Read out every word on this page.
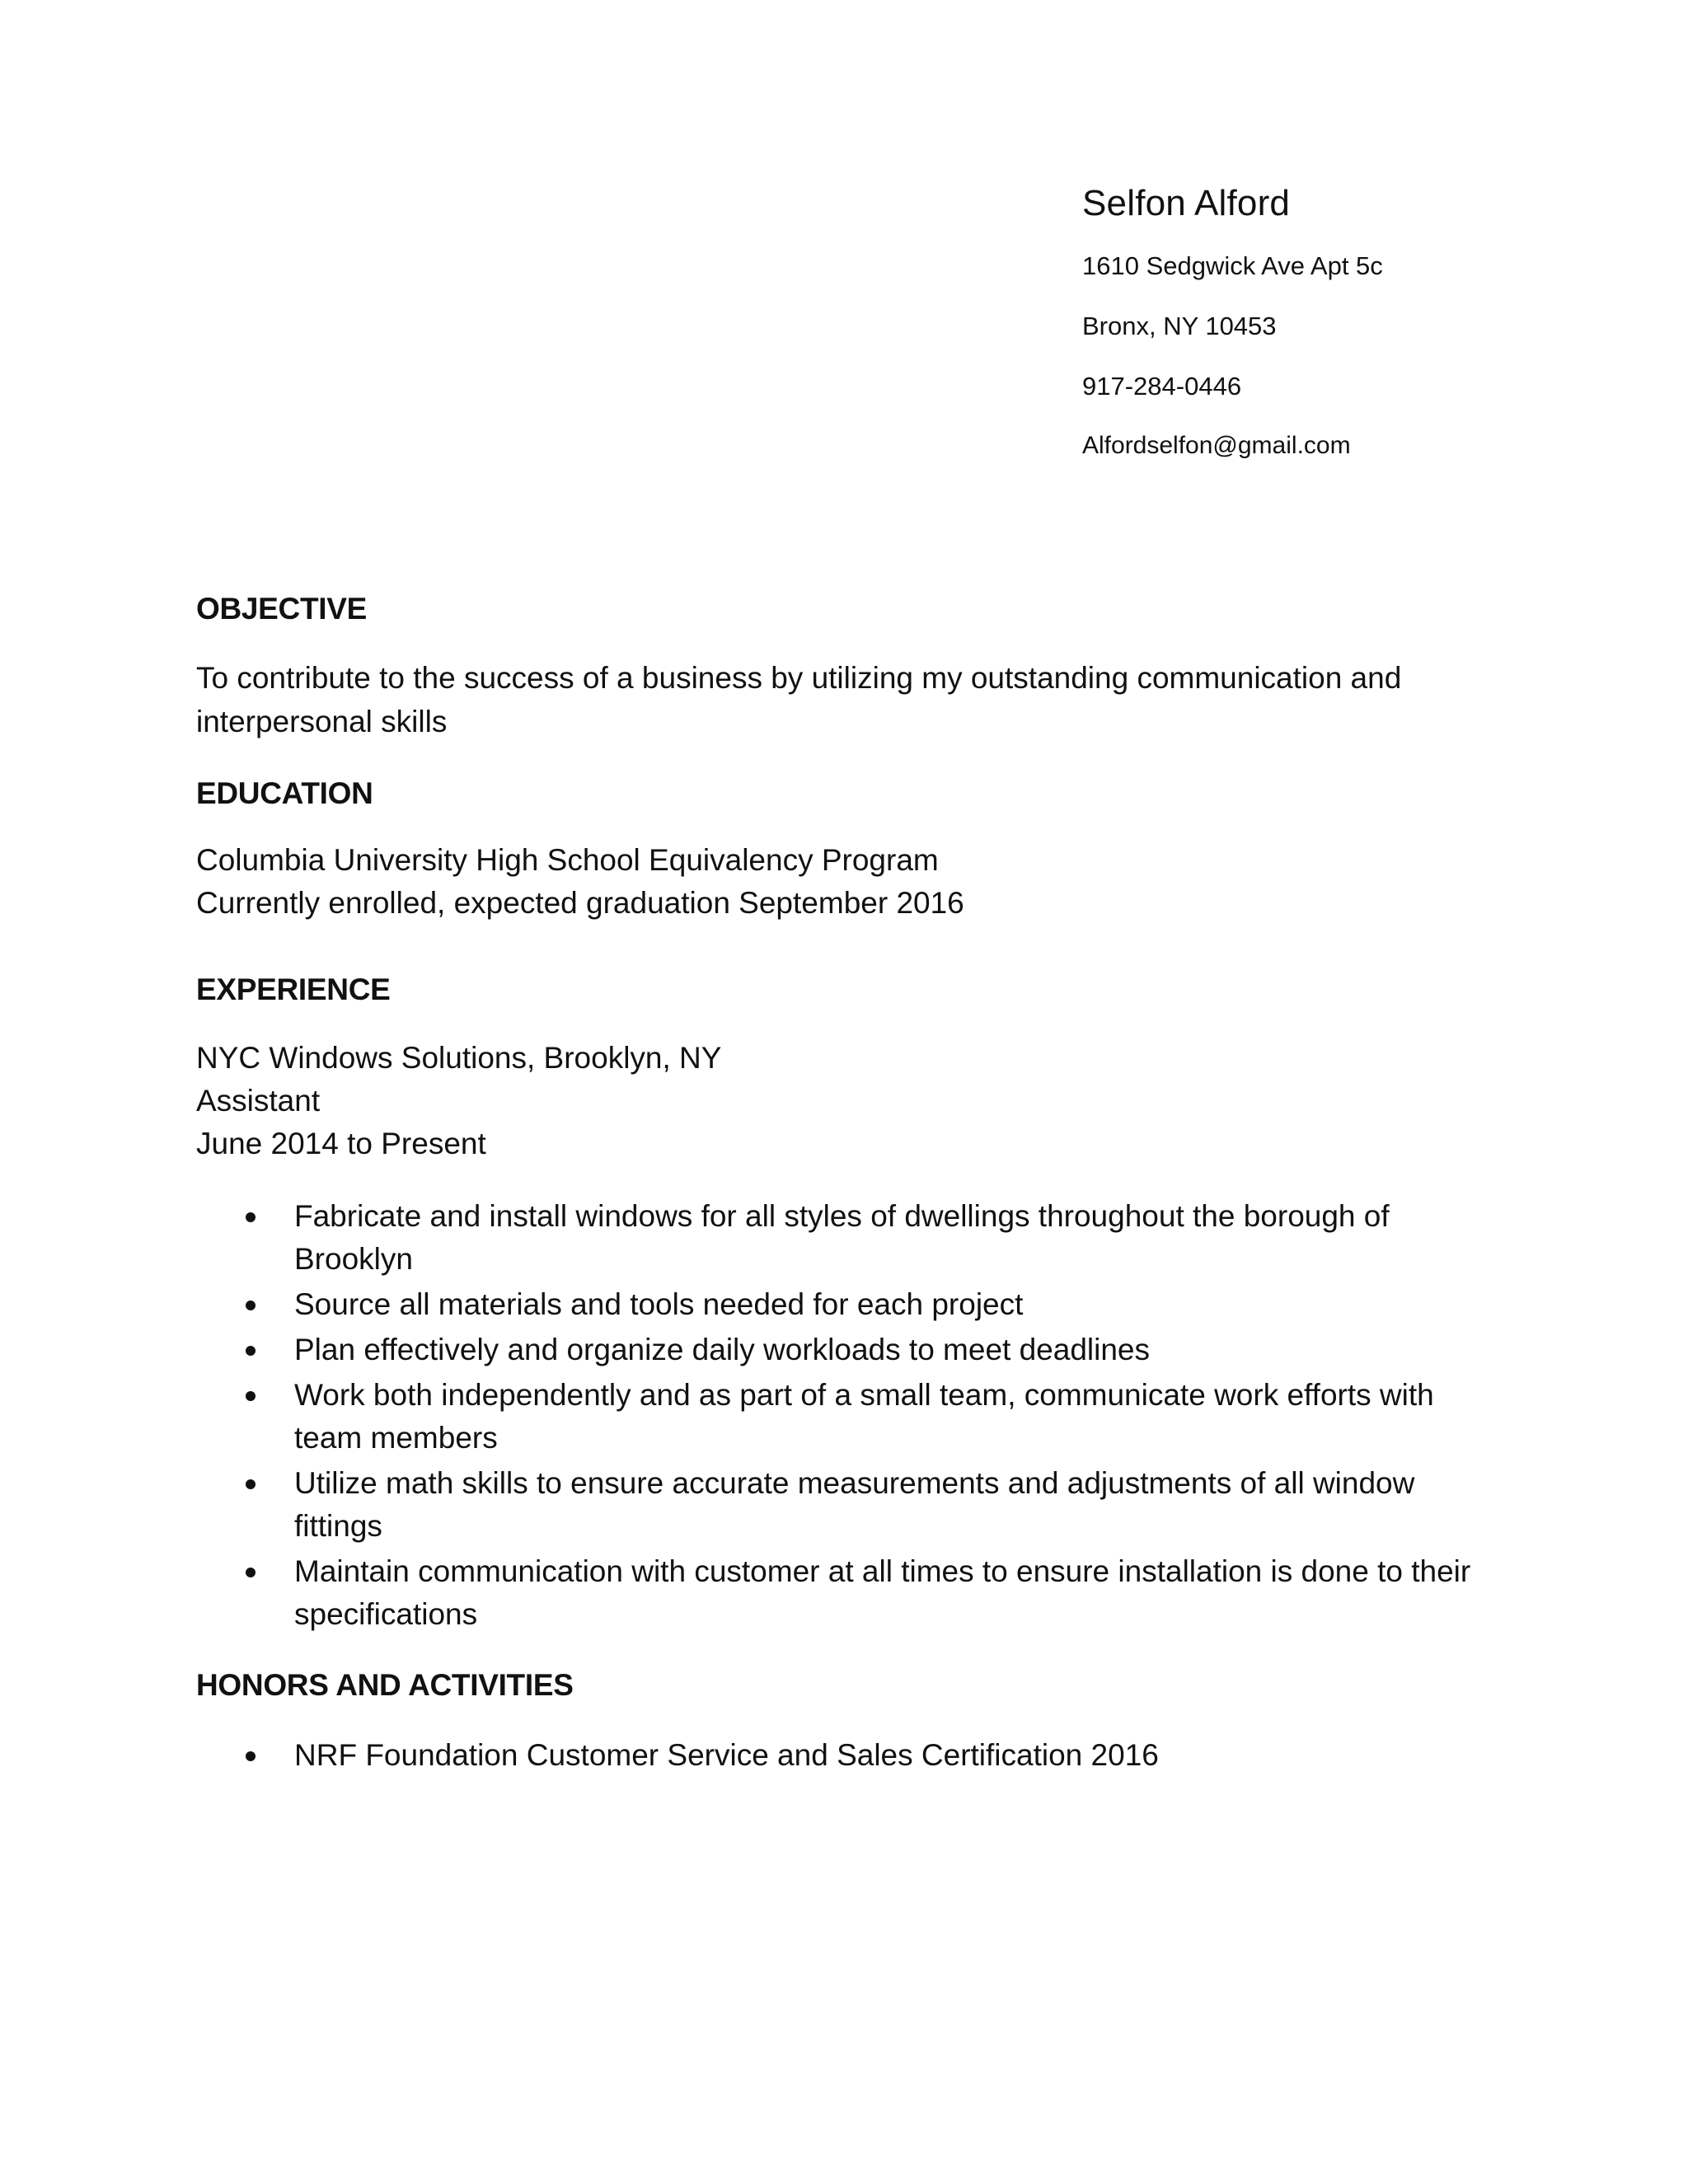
Selfon Alford
1610 Sedgwick Ave Apt 5c
Bronx, NY 10453
917-284-0446
Alfordselfon@gmail.com
OBJECTIVE

To contribute to the success of a business by utilizing my outstanding communication and interpersonal skills

EDUCATION
Columbia University High School Equivalency Program
Currently enrolled, expected graduation September 2016
EXPERIENCE
NYC Windows Solutions, Brooklyn, NY
Assistant
June 2014 to Present
Fabricate and install windows for all styles of dwellings throughout the borough of Brooklyn
Source all materials and tools needed for each project
Plan effectively and organize daily workloads to meet deadlines
Work both independently and as part of a small team, communicate work efforts with team members
Utilize math skills to ensure accurate measurements and adjustments of all window fittings
Maintain communication with customer at all times to ensure installation is done to their specifications
HONORS AND ACTIVITIES
NRF Foundation Customer Service and Sales Certification 2016
